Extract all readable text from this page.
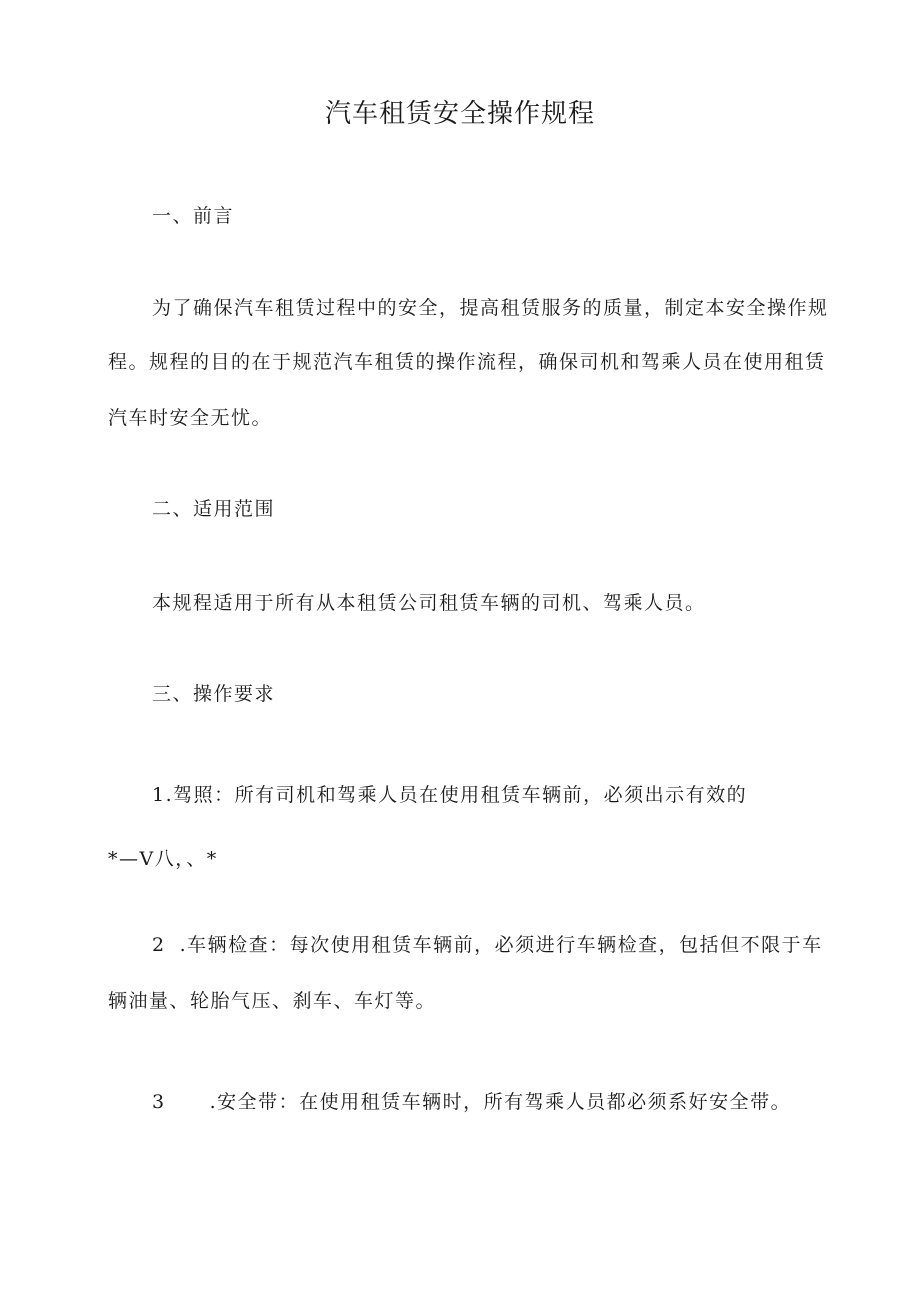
汽车租赁安全操作规程
一、前言
为了确保汽车租赁过程中的安全，提高租赁服务的质量，制定本安全操作规
程。规程的目的在于规范汽车租赁的操作流程，确保司机和驾乘人员在使用租赁
汽车时安全无忧。
二、适用范围
本规程适用于所有从本租赁公司租赁车辆的司机、驾乘人员。
三、操作要求
1.驾照：所有司机和驾乘人员在使用租赁车辆前，必须出示有效的
*—V八，、*
2 .车辆检查：每次使用租赁车辆前，必须进行车辆检查，包括但不限于车
辆油量、轮胎气压、刹车、车灯等。
3 .安全带：在使用租赁车辆时，所有驾乘人员都必须系好安全带。
